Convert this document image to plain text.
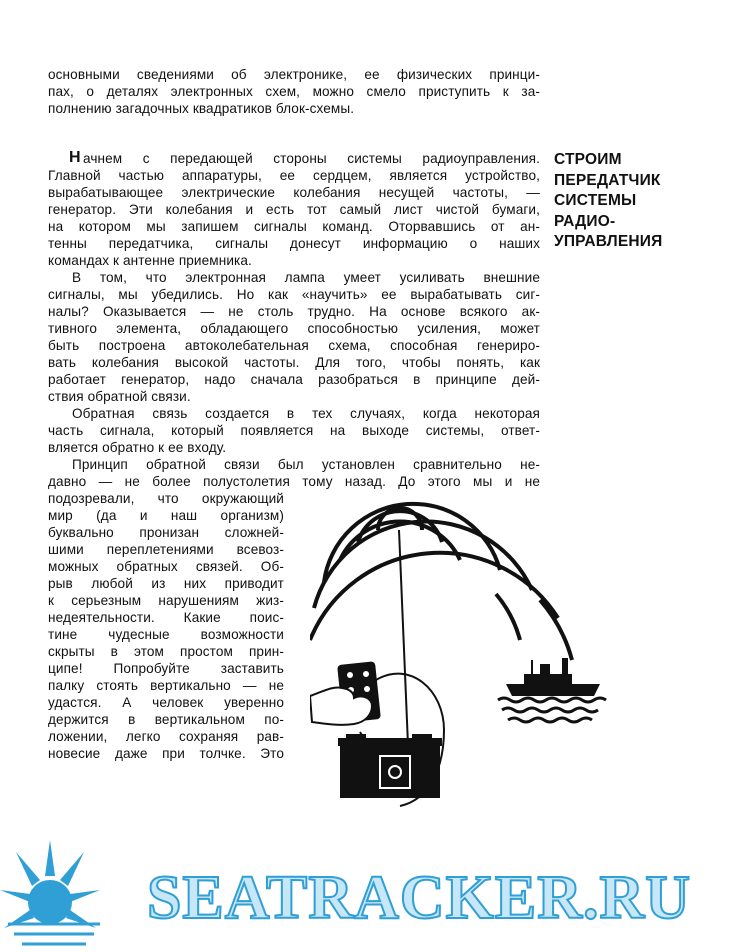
основными сведениями об электронике, ее физических принци-
пах, о деталях электронных схем, можно смело приступить к за-
полнению загадочных квадратиков блок-схемы.
СТРОИМ
ПЕРЕДАТЧИК
СИСТЕМЫ
РАДИО-
УПРАВЛЕНИЯ
Н ачнем с передающей стороны системы радиоуправления.
Главной частью аппаратуры, ее сердцем, является устройство,
вырабатывающее электрические колебания несущей частоты, —
генератор. Эти колебания и есть тот самый лист чистой бумаги,
на котором мы запишем сигналы команд. Оторвавшись от ан-
тенны передатчика, сигналы донесут информацию о наших
командах к антенне приемника.
В том, что электронная лампа умеет усиливать внешние
сигналы, мы убедились. Но как «научить» ее вырабатывать сиг-
налы? Оказывается — не столь трудно. На основе всякого ак-
тивного элемента, обладающего способностью усиления, может
быть построена автоколебательная схема, способная генериро-
вать колебания высокой частоты. Для того, чтобы понять, как
работает генератор, надо сначала разобраться в принципе дей-
ствия обратной связи.
Обратная связь создается в тех случаях, когда некоторая
часть сигнала, который появляется на выходе системы, ответ-
вляется обратно к ее входу.
Принцип обратной связи был установлен сравнительно не-
давно — не более полустолетия тому назад. До этого мы и не
подозревали, что окружающий
мир (да и наш организм)
буквально пронизан сложней-
шими переплетениями всевоз-
можных обратных связей. Об-
рыв любой из них приводит
к серьезным нарушениям жиз-
недеятельности. Какие поис-
тине чудесные возможности
скрыты в этом простом прин-
ципе! Попробуйте заставить
палку стоять вертикально — не
удастся. А человек уверенно
держится в вертикальном по-
ложении, легко сохраняя рав-
новесие даже при толчке. Это
SEATRACKER.RU
